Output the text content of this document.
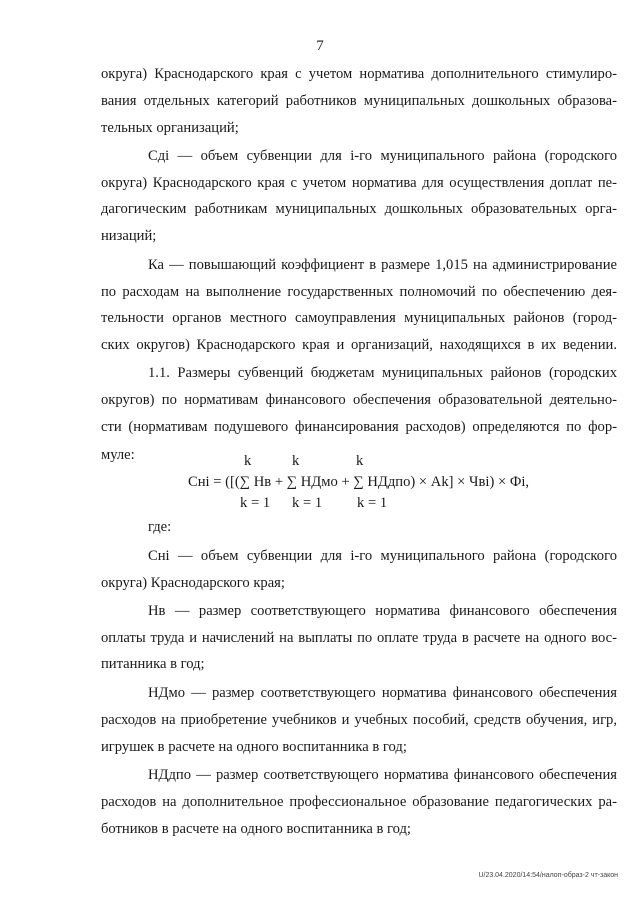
7
округа) Краснодарского края с учетом норматива дополнительного стимулиро-
вания отдельных категорий работников муниципальных дошкольных образова-
тельных организаций;
Сдi — объем субвенции для i-го муниципального района (городского
округа) Краснодарского края с учетом норматива для осуществления доплат пе-
дагогическим работникам муниципальных дошкольных образовательных орга-
низаций;
Ка — повышающий коэффициент в размере 1,015 на администрирование
по расходам на выполнение государственных полномочий по обеспечению дея-
тельности органов местного самоуправления муниципальных районов (город-
ских округов) Краснодарского края и организаций, находящихся в их ведении.
1.1. Размеры субвенций бюджетам муниципальных районов (городских
округов) по нормативам финансового обеспечения образовательной деятельно-
сти (нормативам подушевого финансирования расходов) определяются по фор-
муле:
где:
Снi — объем субвенции для i-го муниципального района (городского
округа) Краснодарского края;
Нв — размер соответствующего норматива финансового обеспечения
оплаты труда и начислений на выплаты по оплате труда в расчете на одного вос-
питанника в год;
НДмо — размер соответствующего норматива финансового обеспечения
расходов на приобретение учебников и учебных пособий, средств обучения, игр,
игрушек в расчете на одного воспитанника в год;
НДдпо — размер соответствующего норматива финансового обеспечения
расходов на дополнительное профессиональное образование педагогических ра-
ботников в расчете на одного воспитанника в год;
k	k	k
Снi = ([(∑ Нв + ∑ НДмо + ∑ НДдпо) × Аk] × Чвi) × Фi,
k = 1 k = 1 k = 1
U/23.04.2020/14:54/налоп-образ-2 чт-закон
